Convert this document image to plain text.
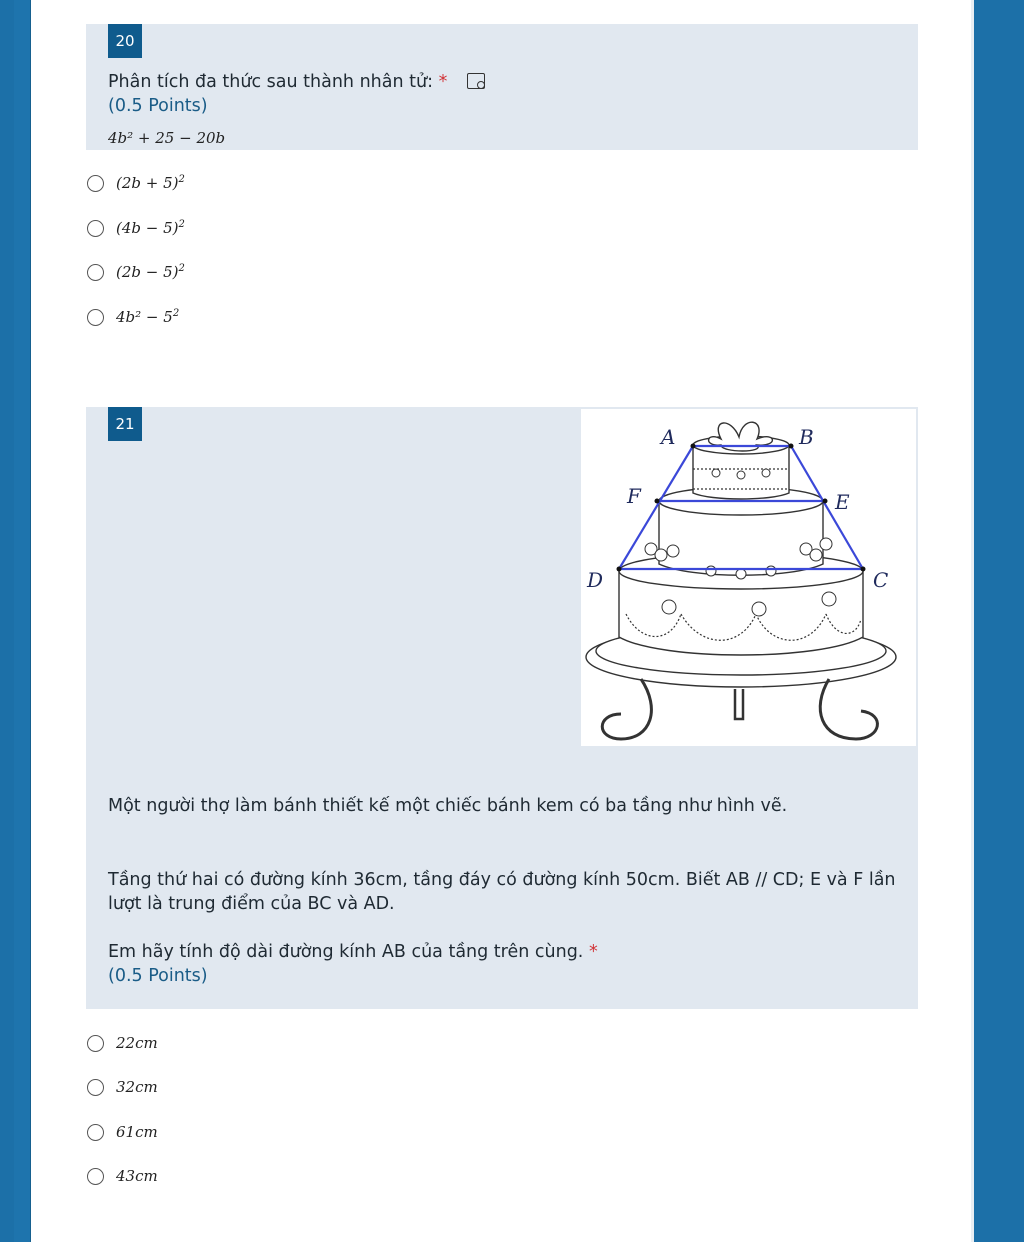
20
Phân tích đa thức sau thành nhân tử: *
(0.5 Points)
4b² + 25 − 20b
$(2b + 5)^2$
$(4b - 5)^2$
$(2b - 5)^2$
$4b^2 - 5^2$
21
A	B
F	E
D	C
Một người thợ làm bánh thiết kế một chiếc bánh kem có ba tầng như hình vẽ.
Tầng thứ hai có đường kính 36cm, tầng đáy có đường kính 50cm. Biết AB // CD; E và F lần lượt là trung điểm của BC và AD.
Em hãy tính độ dài đường kính AB của tầng trên cùng. *
(0.5 Points)
22cm
32cm
61cm
43cm
